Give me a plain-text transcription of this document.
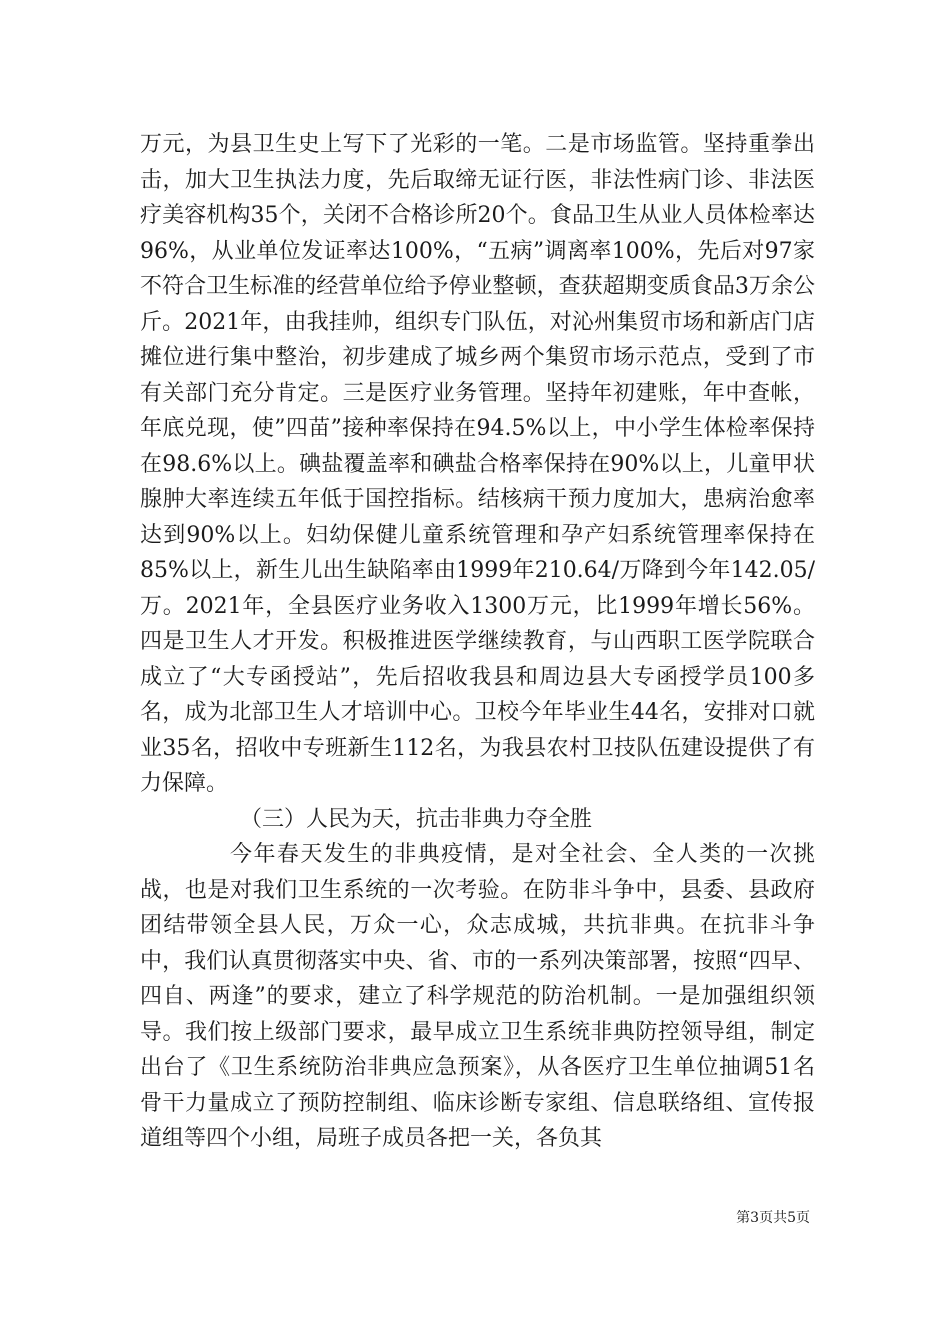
万元，为县卫生史上写下了光彩的一笔。二是市场监管。坚持重拳出击，加大卫生执法力度，先后取缔无证行医，非法性病门诊、非法医疗美容机构35个，关闭不合格诊所20个。食品卫生从业人员体检率达96%，从业单位发证率达100%，“五病”调离率100%，先后对97家不符合卫生标准的经营单位给予停业整顿，查获超期变质食品3万余公斤。2021年，由我挂帅，组织专门队伍，对沁州集贸市场和新店门店摊位进行集中整治，初步建成了城乡两个集贸市场示范点，受到了市有关部门充分肯定。三是医疗业务管理。坚持年初建账，年中查帐，年底兑现，使”四苗”接种率保持在94.5%以上，中小学生体检率保持在98.6%以上。碘盐覆盖率和碘盐合格率保持在90%以上，儿童甲状腺肿大率连续五年低于国控指标。结核病干预力度加大，患病治愈率达到90%以上。妇幼保健儿童系统管理和孕产妇系统管理率保持在85%以上，新生儿出生缺陷率由1999年210.64/万降到今年142.05/万。2021年，全县医疗业务收入1300万元，比1999年增长56%。四是卫生人才开发。积极推进医学继续教育，与山西职工医学院联合成立了“大专函授站”，先后招收我县和周边县大专函授学员100多名，成为北部卫生人才培训中心。卫校今年毕业生44名，安排对口就业35名，招收中专班新生112名，为我县农村卫技队伍建设提供了有力保障。

（三）人民为天，抗击非典力夺全胜

今年春天发生的非典疫情，是对全社会、全人类的一次挑战，也是对我们卫生系统的一次考验。在防非斗争中，县委、县政府团结带领全县人民，万众一心，众志成城，共抗非典。在抗非斗争中，我们认真贯彻落实中央、省、市的一系列决策部署，按照“四早、四自、两逢”的要求，建立了科学规范的防治机制。一是加强组织领导。我们按上级部门要求，最早成立卫生系统非典防控领导组，制定出台了《卫生系统防治非典应急预案》，从各医疗卫生单位抽调51名骨干力量成立了预防控制组、临床诊断专家组、信息联络组、宣传报道组等四个小组，局班子成员各把一关，各负其

第3页共5页
